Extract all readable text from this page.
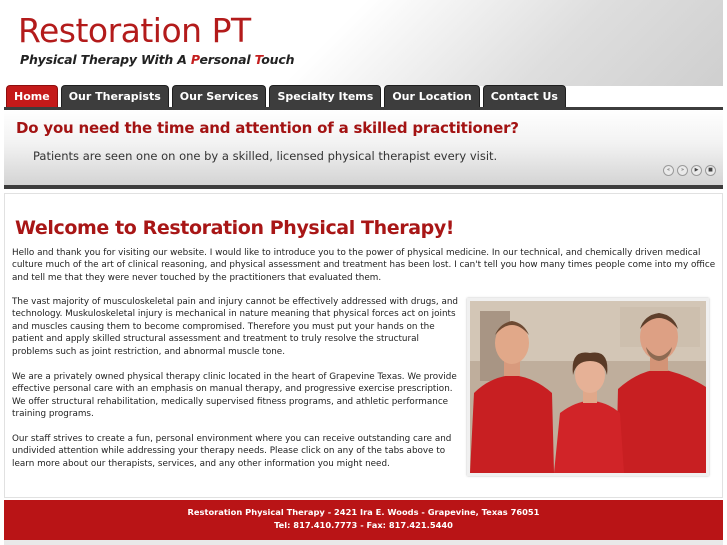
Restoration PT
Physical Therapy With A Personal Touch
Home	Our Therapists	Our Services	Specialty Items	Our Location	Contact Us
Do you need the time and attention of a skilled practitioner?
Patients are seen one on one by a skilled, licensed physical therapist every visit.
«	»	▶	■
Welcome to Restoration Physical Therapy!

Hello and thank you for visiting our website. I would like to introduce you to the power of physical medicine. In our technical, and chemically driven medical culture much of the art of clinical reasoning, and physical assessment and treatment has been lost. I can't tell you how many times people come into my office and tell me that they were never touched by the practitioners that evaluated them.

The vast majority of musculoskeletal pain and injury cannot be effectively addressed with drugs, and technology. Muskuloskeletal injury is mechanical in nature meaning that physical forces act on joints and muscles causing them to become compromised. Therefore you must put your hands on the patient and apply skilled structural assessment and treatment to truly resolve the structural problems such as joint restriction, and abnormal muscle tone.

We are a privately owned physical therapy clinic located in the heart of Grapevine Texas. We provide effective personal care with an emphasis on manual therapy, and progressive exercise prescription. We offer structural rehabilitation, medically supervised fitness programs, and athletic performance training programs.

Our staff strives to create a fun, personal environment where you can receive outstanding care and undivided attention while addressing your therapy needs. Please click on any of the tabs above to learn more about our therapists, services, and any other information you might need.

Restoration Physical Therapy - 2421 Ira E. Woods - Grapevine, Texas 76051
Tel: 817.410.7773 - Fax: 817.421.5440
